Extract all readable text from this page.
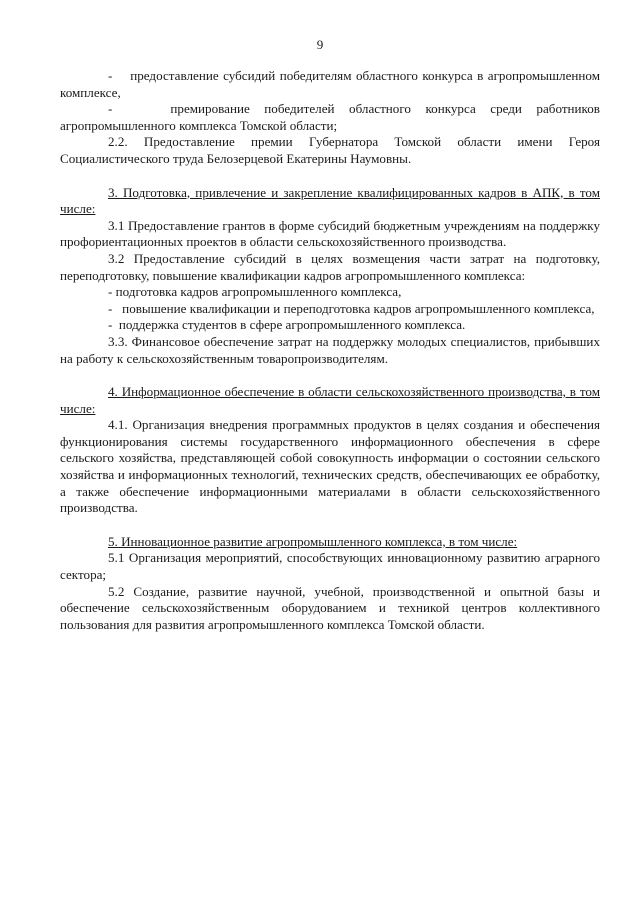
9

-    предоставление субсидий победителям областного конкурса в агропромышленном комплексе,

-    премирование победителей областного конкурса среди работников агропромышленного комплекса Томской области;

2.2. Предоставление премии Губернатора Томской области имени Героя Социалистического труда Белозерцевой Екатерины Наумовны.

3. Подготовка, привлечение и закрепление квалифицированных кадров в АПК, в том числе:

3.1 Предоставление грантов в форме субсидий бюджетным учреждениям на поддержку профориентационных проектов в области сельскохозяйственного производства.

3.2 Предоставление субсидий в целях возмещения части затрат на подготовку, переподготовку, повышение квалификации кадров агропромышленного комплекса:

- подготовка кадров агропромышленного комплекса,

-   повышение квалификации и переподготовка кадров агропромышленного комплекса,

-  поддержка студентов в сфере агропромышленного комплекса.

3.3. Финансовое обеспечение затрат на поддержку молодых специалистов, прибывших на работу к сельскохозяйственным товаропроизводителям.

4. Информационное обеспечение в области сельскохозяйственного производства, в том числе:

4.1. Организация внедрения программных продуктов в целях создания и обеспечения функционирования системы государственного информационного обеспечения в сфере сельского хозяйства, представляющей собой совокупность информации о состоянии сельского хозяйства и информационных технологий, технических средств, обеспечивающих ее обработку, а также обеспечение информационными материалами в области сельскохозяйственного производства.

5. Инновационное развитие агропромышленного комплекса, в том числе:

5.1 Организация мероприятий, способствующих инновационному развитию аграрного сектора;

5.2 Создание, развитие научной, учебной, производственной и опытной базы и обеспечение сельскохозяйственным оборудованием и техникой центров коллективного пользования для развития агропромышленного комплекса Томской области.
